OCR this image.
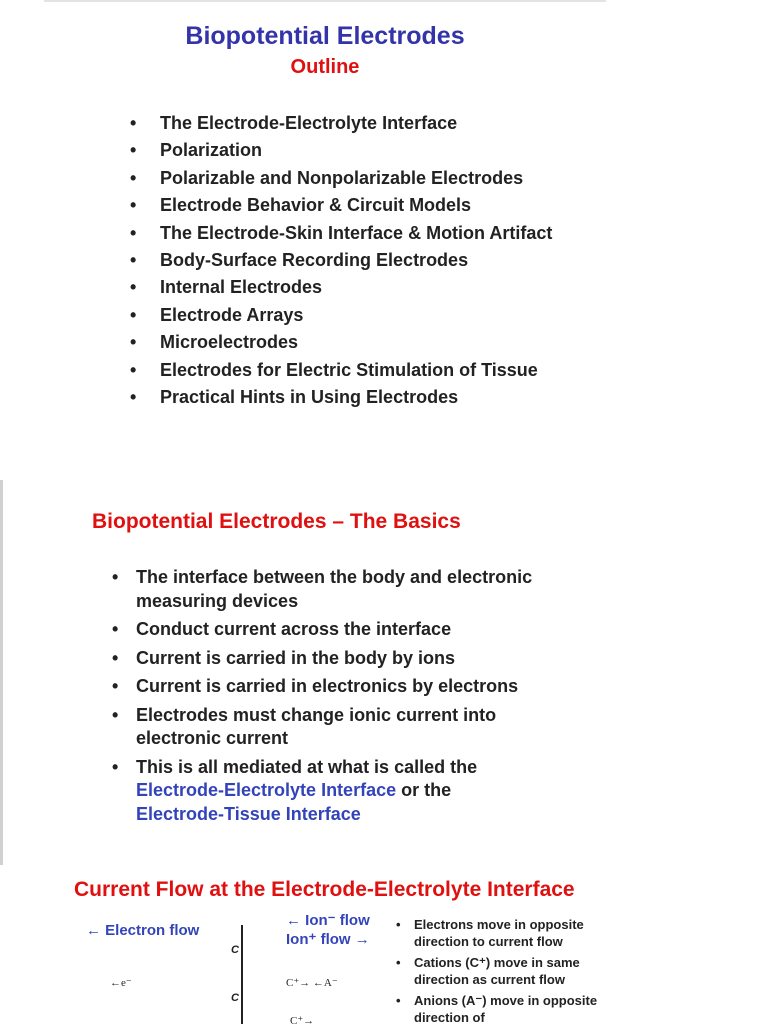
Biopotential Electrodes
Outline
• The Electrode-Electrolyte Interface
• Polarization
• Polarizable and Nonpolarizable Electrodes
• Electrode Behavior & Circuit Models
• The Electrode-Skin Interface & Motion Artifact
• Body-Surface Recording Electrodes
• Internal Electrodes
• Electrode Arrays
• Microelectrodes
• Electrodes for Electric Stimulation of Tissue
• Practical Hints in Using Electrodes
Biopotential Electrodes – The Basics
• The interface between the body and electronic measuring devices
• Conduct current across the interface
• Current is carried in the body by ions
• Current is carried in electronics by electrons
• Electrodes must change ionic current into electronic current
• This is all mediated at what is called the
Electrode-Electrolyte Interface or the
Electrode-Tissue Interface
Current Flow at the Electrode-Electrolyte Interface
← Electron flow
← Ion⁻ flow
Ion⁺ flow →
C
C
←e⁻	C⁺→ ←A⁻
C⁺→
• Electrons move in opposite direction to current flow
• Cations (C⁺) move in same direction as current flow
• Anions (A⁻) move in opposite direction of
